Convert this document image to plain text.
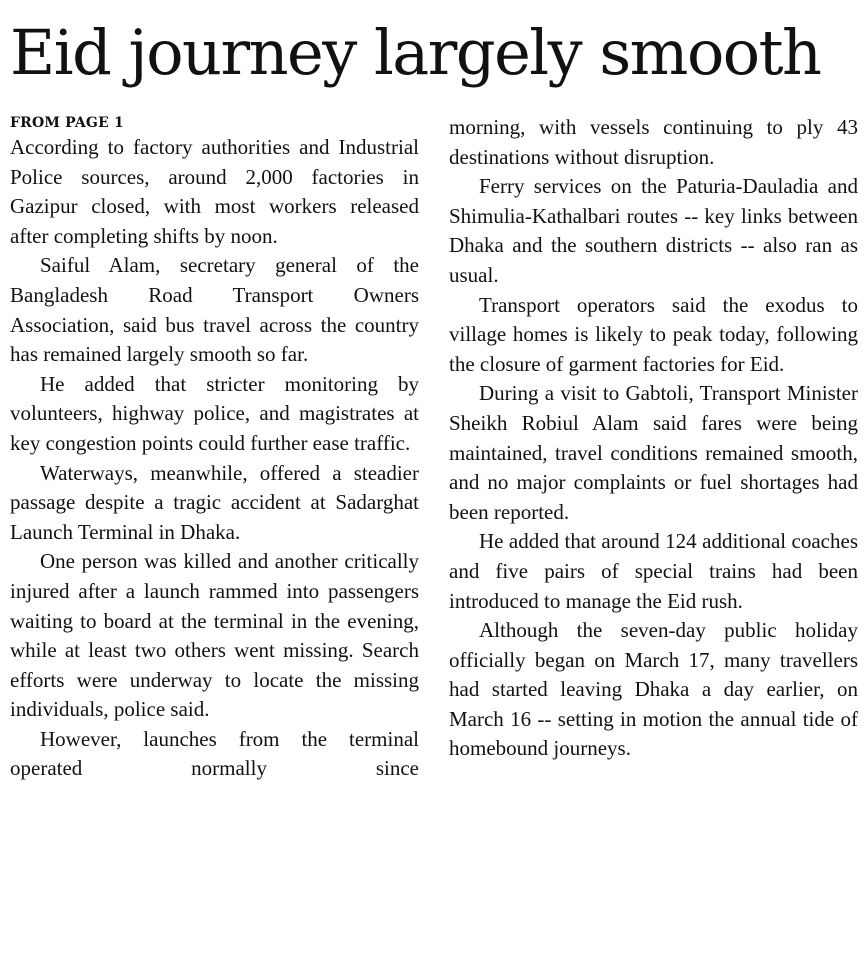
Eid journey largely smooth
FROM PAGE 1

According to factory authorities and Industrial Police sources, around 2,000 factories in Gazipur closed, with most workers released after completing shifts by noon.

Saiful Alam, secretary general of the Bangladesh Road Transport Owners Association, said bus travel across the country has remained largely smooth so far.

He added that stricter monitoring by volunteers, highway police, and magistrates at key congestion points could further ease traffic.

Waterways, meanwhile, offered a steadier passage despite a tragic accident at Sadarghat Launch Terminal in Dhaka.

One person was killed and another critically injured after a launch rammed into passengers waiting to board at the terminal in the evening, while at least two others went missing. Search efforts were underway to locate the missing individuals, police said.

However, launches from the terminal operated normally since

morning, with vessels continuing to ply 43 destinations without disruption.

Ferry services on the Paturia-Dauladia and Shimulia-Kathalbari routes -- key links between Dhaka and the southern districts -- also ran as usual.

Transport operators said the exodus to village homes is likely to peak today, following the closure of garment factories for Eid.

During a visit to Gabtoli, Transport Minister Sheikh Robiul Alam said fares were being maintained, travel conditions remained smooth, and no major complaints or fuel shortages had been reported.

He added that around 124 additional coaches and five pairs of special trains had been introduced to manage the Eid rush.

Although the seven-day public holiday officially began on March 17, many travellers had started leaving Dhaka a day earlier, on March 16 -- setting in motion the annual tide of homebound journeys.
